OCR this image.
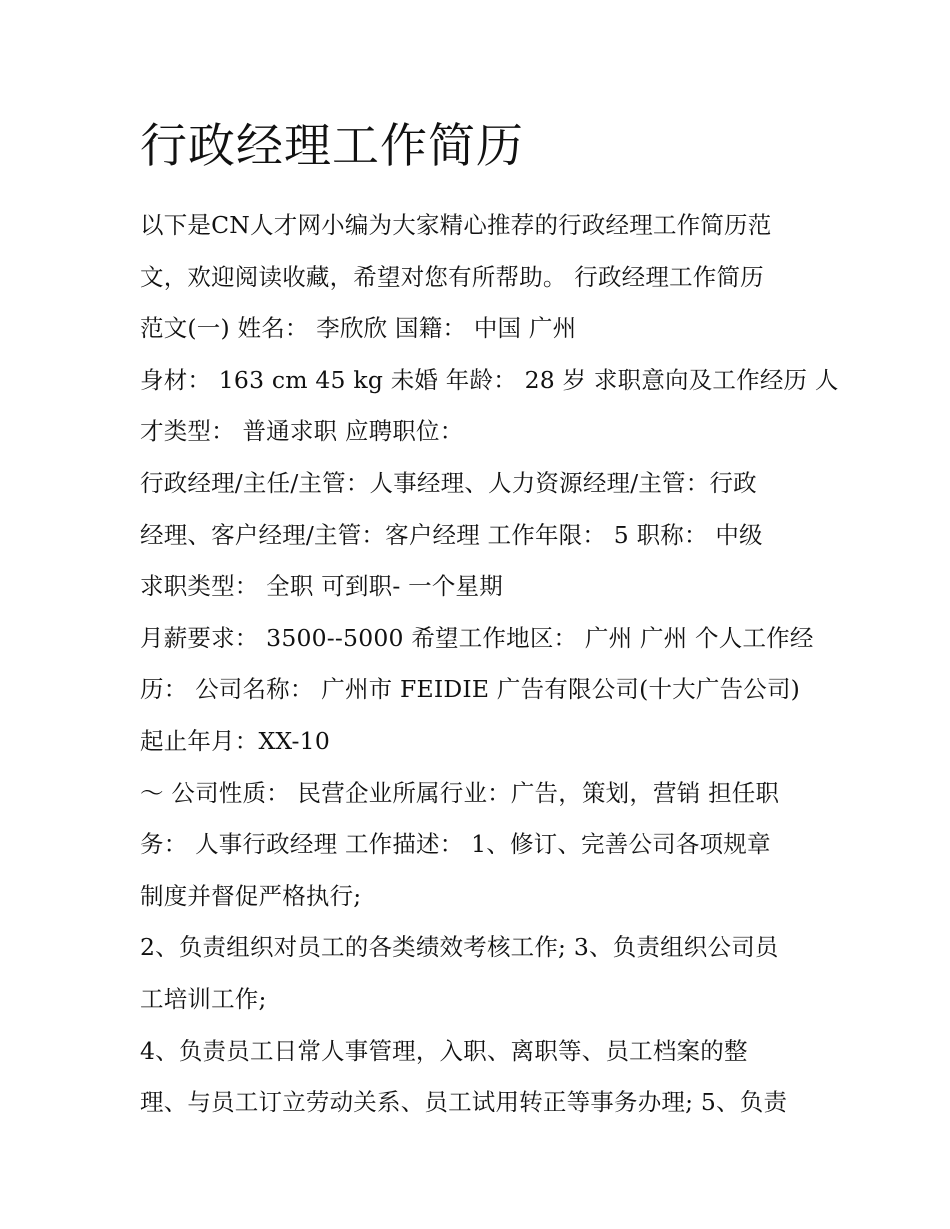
行政经理工作简历
以下是CN人才网小编为大家精心推荐的行政经理工作简历范
文，欢迎阅读收藏，希望对您有所帮助。 行政经理工作简历
范文(一) 姓名： 李欣欣 国籍： 中国 广州
身材： 163 cm 45 kg 未婚 年龄： 28 岁 求职意向及工作经历 人
才类型： 普通求职 应聘职位：
行政经理/主任/主管：人事经理、人力资源经理/主管：行政
经理、客户经理/主管：客户经理 工作年限： 5 职称： 中级
求职类型： 全职 可到职- 一个星期
月薪要求： 3500--5000 希望工作地区： 广州 广州 个人工作经
历： 公司名称： 广州市 FEIDIE 广告有限公司(十大广告公司)
起止年月：XX-10
～ 公司性质： 民营企业所属行业：广告，策划，营销 担任职
务： 人事行政经理 工作描述： 1、修订、完善公司各项规章
制度并督促严格执行;
2、负责组织对员工的各类绩效考核工作; 3、负责组织公司员
工培训工作;
4、负责员工日常人事管理，入职、离职等、员工档案的整
理、与员工订立劳动关系、员工试用转正等事务办理; 5、负责
